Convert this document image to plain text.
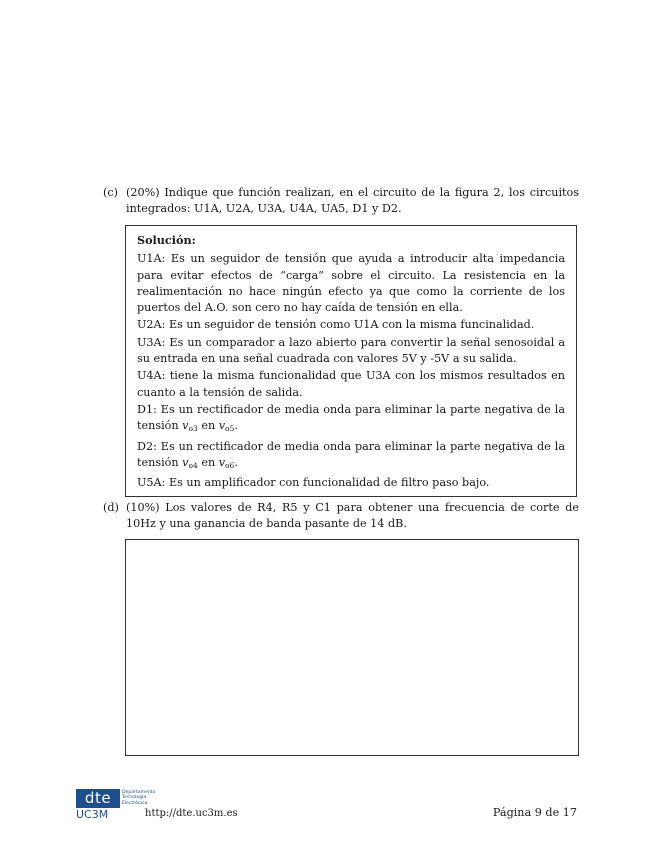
(c) (20%) Indique que función realizan, en el circuito de la figura 2, los circuitos integrados: U1A, U2A, U3A, U4A, UA5, D1 y D2.
Solución:

U1A: Es un seguidor de tensión que ayuda a introducir alta impedancia para evitar efectos de “carga” sobre el circuito. La resistencia en la realimentación no hace ningún efecto ya que como la corriente de los puertos del A.O. son cero no hay caída de tensión en ella.

U2A: Es un seguidor de tensión como U1A con la misma funcinalidad.

U3A: Es un comparador a lazo abierto para convertir la señal senosoidal a su entrada en una señal cuadrada con valores 5V y -5V a su salida.

U4A: tiene la misma funcionalidad que U3A con los mismos resultados en cuanto a la tensión de salida.

D1: Es un rectificador de media onda para eliminar la parte negativa de la tensión $v_{o3}$ en $v_{o5}$.

D2: Es un rectificador de media onda para eliminar la parte negativa de la tensión $v_{o4}$ en $v_{o6}$.

U5A: Es un amplificador con funcionalidad de filtro paso bajo.

(d) (10%) Los valores de R4, R5 y C1 para obtener una frecuencia de corte de 10Hz y una ganancia de banda pasante de 14 dB.
dte	Departamento
Tecnología
Electrónica
UC3M	http://dte.uc3m.es	Página 9 de 17
